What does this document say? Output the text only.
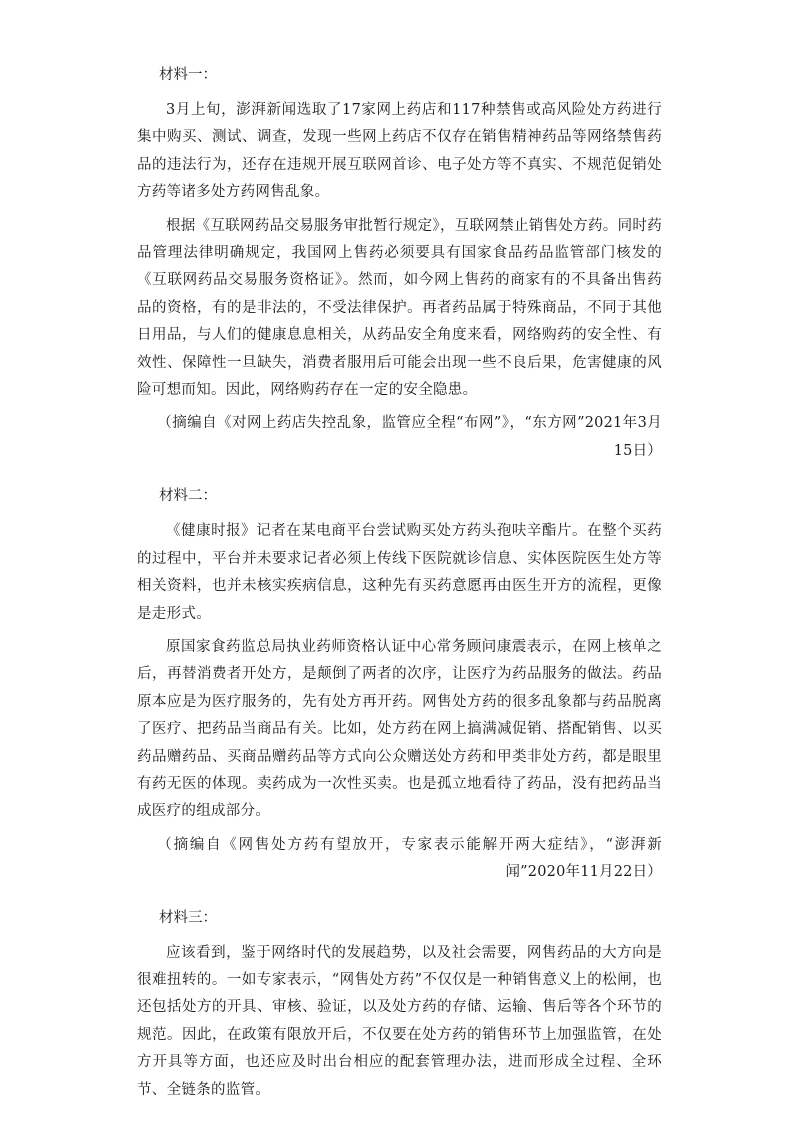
材料一：

3月上旬，澎湃新闻选取了17家网上药店和117种禁售或高风险处方药进行集中购买、测试、调查，发现一些网上药店不仅存在销售精神药品等网络禁售药品的违法行为，还存在违规开展互联网首诊、电子处方等不真实、不规范促销处方药等诸多处方药网售乱象。

根据《互联网药品交易服务审批暂行规定》，互联网禁止销售处方药。同时药品管理法律明确规定，我国网上售药必须要具有国家食品药品监管部门核发的《互联网药品交易服务资格证》。然而，如今网上售药的商家有的不具备出售药品的资格，有的是非法的，不受法律保护。再者药品属于特殊商品，不同于其他日用品，与人们的健康息息相关，从药品安全角度来看，网络购药的安全性、有效性、保障性一旦缺失，消费者服用后可能会出现一些不良后果，危害健康的风险可想而知。因此，网络购药存在一定的安全隐患。

（摘编自《对网上药店失控乱象，监管应全程“布网”》，“东方网”2021年3月15日）

材料二：

《健康时报》记者在某电商平台尝试购买处方药头孢呋辛酯片。在整个买药的过程中，平台并未要求记者必须上传线下医院就诊信息、实体医院医生处方等相关资料，也并未核实疾病信息，这种先有买药意愿再由医生开方的流程，更像是走形式。

原国家食药监总局执业药师资格认证中心常务顾问康震表示，在网上核单之后，再替消费者开处方，是颠倒了两者的次序，让医疗为药品服务的做法。药品原本应是为医疗服务的，先有处方再开药。网售处方药的很多乱象都与药品脱离了医疗、把药品当商品有关。比如，处方药在网上搞满减促销、搭配销售、以买药品赠药品、买商品赠药品等方式向公众赠送处方药和甲类非处方药，都是眼里有药无医的体现。卖药成为一次性买卖。也是孤立地看待了药品，没有把药品当成医疗的组成部分。

（摘编自《网售处方药有望放开，专家表示能解开两大症结》，“澎湃新闻”2020年11月22日）

材料三：

应该看到，鉴于网络时代的发展趋势，以及社会需要，网售药品的大方向是很难扭转的。一如专家表示，“网售处方药”不仅仅是一种销售意义上的松闸，也还包括处方的开具、审核、验证，以及处方药的存储、运输、售后等各个环节的规范。因此，在政策有限放开后，不仅要在处方药的销售环节上加强监管，在处方开具等方面，也还应及时出台相应的配套管理办法，进而形成全过程、全环节、全链条的监管。
